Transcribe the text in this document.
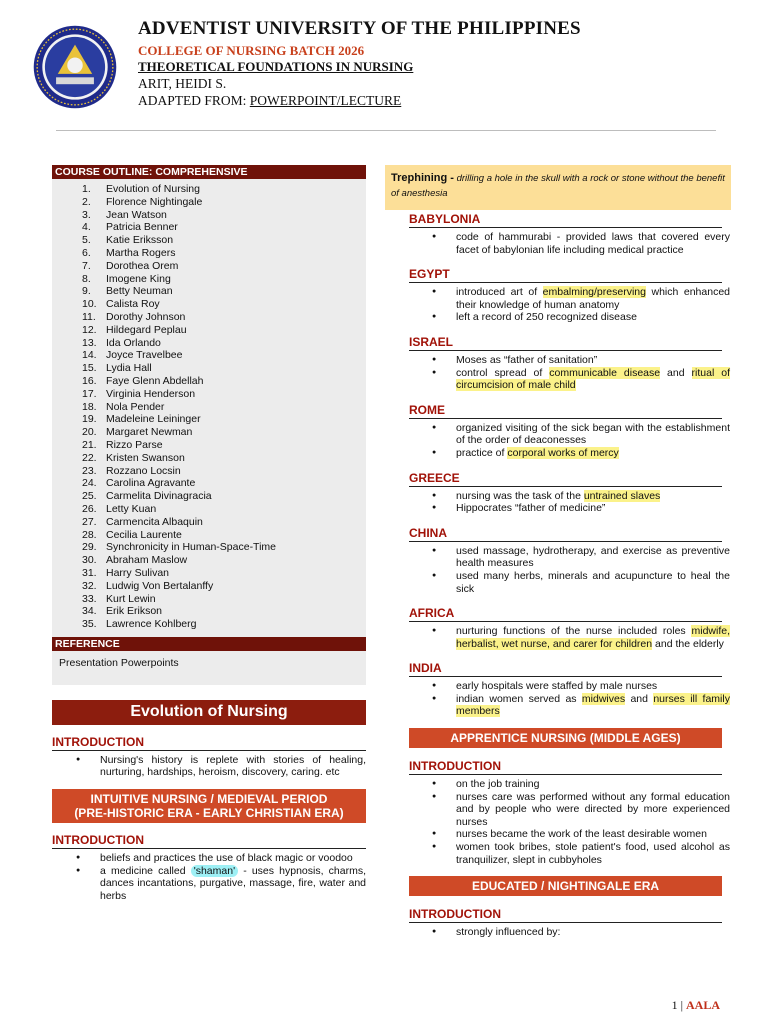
ADVENTIST UNIVERSITY OF THE PHILIPPINES
COLLEGE OF NURSING BATCH 2026
THEORETICAL FOUNDATIONS IN NURSING
ARIT, HEIDI S.
ADAPTED FROM: POWERPOINT/LECTURE
COURSE OUTLINE: COMPREHENSIVE
1.	Evolution of Nursing
2.	Florence Nightingale
3.	Jean Watson
4.	Patricia Benner
5.	Katie Eriksson
6.	Martha Rogers
7.	Dorothea Orem
8.	Imogene King
9.	Betty Neuman
10. Calista Roy
11. Dorothy Johnson
12. Hildegard Peplau
13. Ida Orlando
14. Joyce Travelbee
15. Lydia Hall
16. Faye Glenn Abdellah
17. Virginia Henderson
18. Nola Pender
19. Madeleine Leininger
20. Margaret Newman
21. Rizzo Parse
22. Kristen Swanson
23. Rozzano Locsin
24. Carolina Agravante
25. Carmelita Divinagracia
26. Letty Kuan
27. Carmencita Albaquin
28. Cecilia Laurente
29. Synchronicity in Human-Space-Time
30. Abraham Maslow
31. Harry Sulivan
32. Ludwig Von Bertalanffy
33. Kurt Lewin
34. Erik Erikson
35. Lawrence Kohlberg
REFERENCE
Presentation Powerpoints
Evolution of Nursing
INTRODUCTION
● Nursing's history is replete with stories of healing, nurturing, hardships, heroism, discovery, caring. etc
INTUITIVE NURSING / MEDIEVAL PERIOD
(PRE-HISTORIC ERA - EARLY CHRISTIAN ERA)
INTRODUCTION
● beliefs and practices the use of black magic or voodoo
● a medicine called 'shaman' - uses hypnosis, charms, dances incantations, purgative, massage, fire, water and herbs
Trephining - drilling a hole in the skull with a rock or stone without the benefit of anesthesia
BABYLONIA
● code of hammurabi - provided laws that covered every facet of babylonian life including medical practice
EGYPT
● introduced art of embalming/preserving which enhanced their knowledge of human anatomy
● left a record of 250 recognized disease
ISRAEL
● Moses as “father of sanitation”
● control spread of communicable disease and ritual of circumcision of male child
ROME
● organized visiting of the sick began with the establishment of the order of deaconesses
● practice of corporal works of mercy
GREECE
● nursing was the task of the untrained slaves
● Hippocrates “father of medicine”
CHINA
● used massage, hydrotherapy, and exercise as preventive health measures
● used many herbs, minerals and acupuncture to heal the sick
AFRICA
● nurturing functions of the nurse included roles midwife, herbalist, wet nurse, and carer for children and the elderly
INDIA
● early hospitals were staffed by male nurses
● indian women served as midwives and nurses ill family members
APPRENTICE NURSING (MIDDLE AGES)
INTRODUCTION
● on the job training
● nurses care was performed without any formal education and by people who were directed by more experienced nurses
● nurses became the work of the least desirable women
● women took bribes, stole patient's food, used alcohol as tranquilizer, slept in cubbyholes
EDUCATED / NIGHTINGALE ERA
INTRODUCTION
● strongly influenced by:
1 | AALA
